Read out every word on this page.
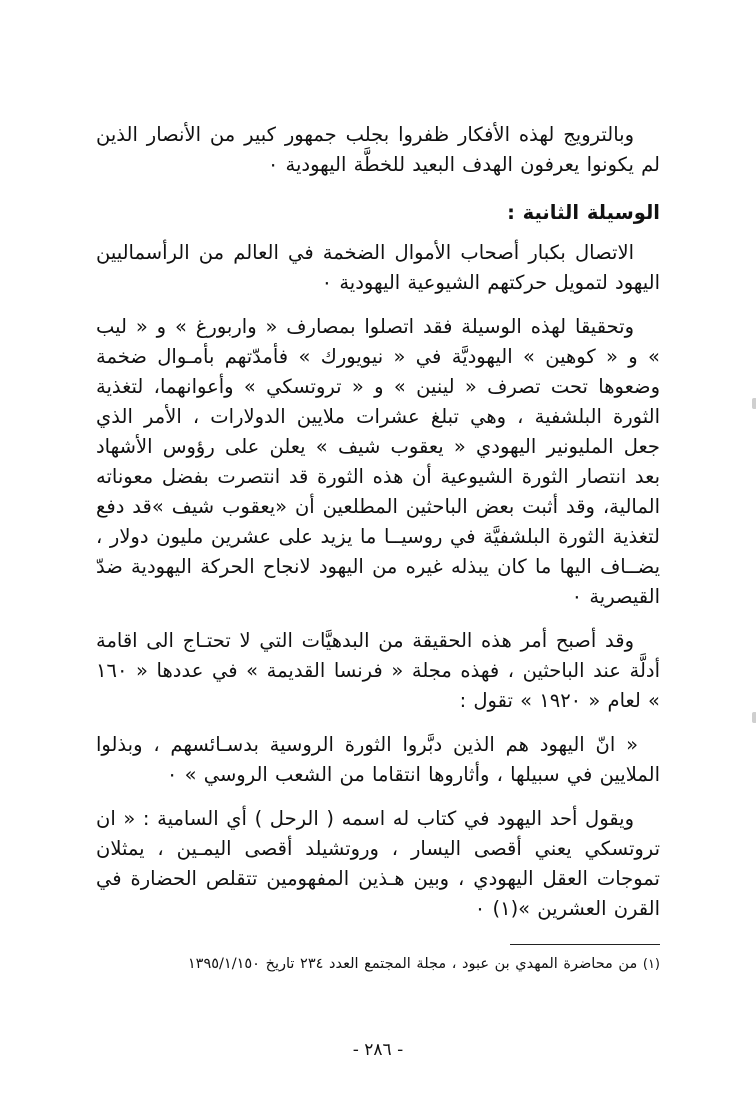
وبالترويج لهذه الأفكار ظفروا بجلب جمهور كبير من الأنصار الذين لم يكونوا يعرفون الهدف البعيد للخطَّة اليهودية ٠

الوسيلة الثانية :

الاتصال بكبار أصحاب الأموال الضخمة في العالم من الرأسماليين اليهود لتمويل حركتهم الشيوعية اليهودية ٠

وتحقيقا لهذه الوسيلة فقد اتصلوا بمصارف « واربورغ » و « ليب » و « كوهين » اليهوديَّة في « نيويورك » فأمدّتهم بأمـوال ضخمة وضعوها تحت تصرف « لينين » و « تروتسكي » وأعوانهما، لتغذية الثورة البلشفية ، وهي تبلغ عشرات ملايين الدولارات ، الأمر الذي جعل المليونير اليهودي « يعقوب شيف » يعلن على رؤوس الأشهاد بعد انتصار الثورة الشيوعية أن هذه الثورة قد انتصرت بفضل معوناته المالية، وقد أثبت بعض الباحثين المطلعين أن «يعقوب شيف »قد دفع لتغذية الثورة البلشفيَّة في روسيــا ما يزيد على عشرين مليون دولار ، يضــاف اليها ما كان يبذله غيره من اليهود لانجاح الحركة اليهودية ضدّ القيصرية ٠

وقد أصبح أمر هذه الحقيقة من البدهيَّات التي لا تحتـاج الى اقامة أدلَّة عند الباحثين ، فهذه مجلة « فرنسا القديمة » في عددها « ١٦٠ » لعام « ١٩٢٠ » تقول :

« انّ اليهود هم الذين دبَّروا الثورة الروسية بدسـائسهم ، وبذلوا الملايين في سبيلها ، وأثاروها انتقاما من الشعب الروسي » ٠

ويقول أحد اليهود في كتاب له اسمه ( الرحل ) أي السامية : « ان تروتسكي يعني أقصى اليسار ، وروتشيلد أقصى اليمـين ، يمثلان تموجات العقل اليهودي ، وبين هـذين المفهومين تتقلص الحضارة في القرن العشرين »(١) ٠

(١) من محاضرة المهدي بن عبود ، مجلة المجتمع العدد ٢٣٤ تاريخ ١٣٩٥/١/١٥٠

- ٢٨٦ -
